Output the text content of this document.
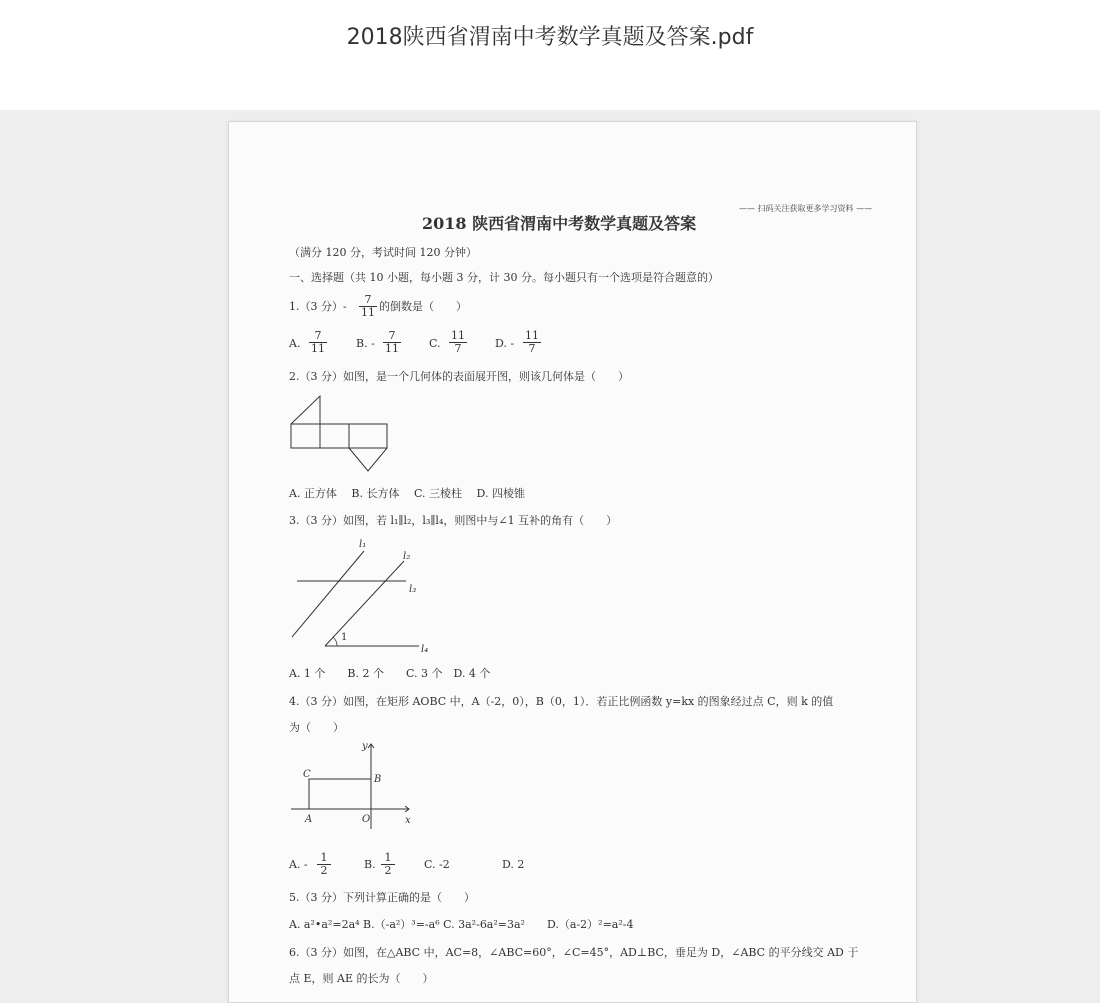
2018陕西省渭南中考数学真题及答案.pdf
—— 扫码关注获取更多学习资料 ——
2018 陕西省渭南中考数学真题及答案
（满分 120 分，考试时间 120 分钟）
一、选择题（共 10 小题，每小题 3 分，计 30 分。每小题只有一个选项是符合题意的）
1.（3 分）- $\frac{7}{11}$ 的倒数是（　　）
A. $\frac{7}{11}$	B. - $\frac{7}{11}$	C. $\frac{11}{7}$	D. - $\frac{11}{7}$
2.（3 分）如图，是一个几何体的表面展开图，则该几何体是（　　）
A. 正方体　 B. 长方体　 C. 三棱柱　 D. 四棱锥
3.（3 分）如图，若 l₁∥l₂，l₃∥l₄，则图中与∠1 互补的角有（　　）
l₁
l₂
l₃
l₄
1
A. 1 个　　B. 2 个　　C. 3 个　D. 4 个
4.（3 分）如图，在矩形 AOBC 中，A（-2，0），B（0，1）．若正比例函数 y=kx 的图象经过点 C，则 k 的值
为（　　）
y
x
C	B
A	O
A. - $\frac{1}{2}$	B. $\frac{1}{2}$	C. -2	D. 2
5.（3 分）下列计算正确的是（　　）
A. a²•a²=2a⁴ B.（-a²）³=-a⁶ C. 3a²-6a²=3a²　　D.（a-2）²=a²-4
6.（3 分）如图，在△ABC 中，AC=8，∠ABC=60°，∠C=45°，AD⊥BC，垂足为 D，∠ABC 的平分线交 AD 于
点 E，则 AE 的长为（　　）
